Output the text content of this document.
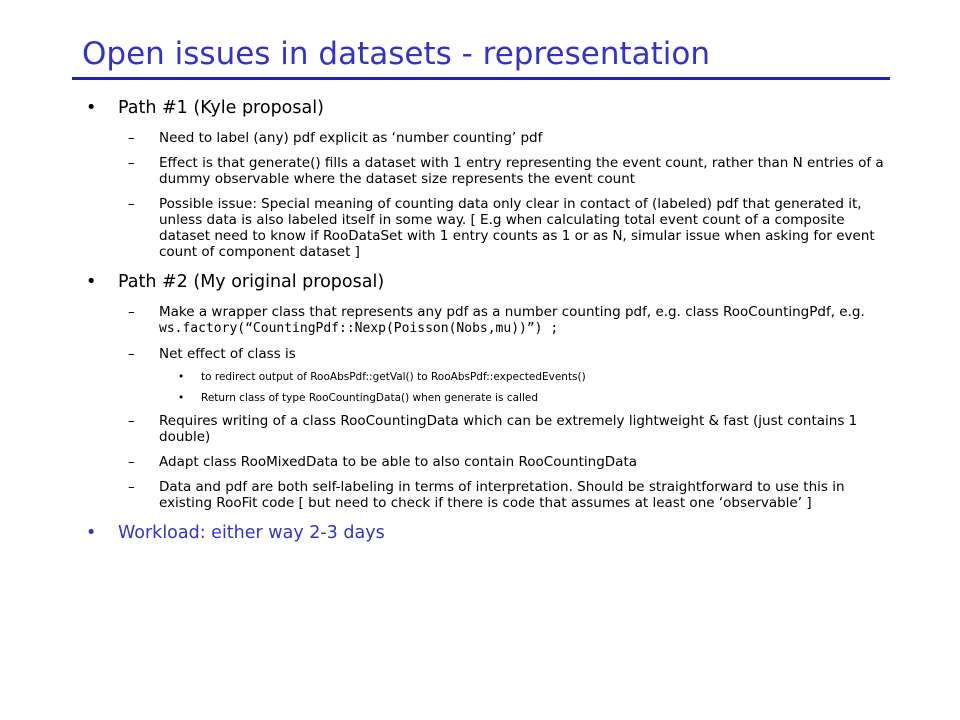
Open issues in datasets - representation
•	Path #1 (Kyle proposal)
– Need to label (any) pdf explicit as ‘number counting’ pdf
– Effect is that generate() fills a dataset with 1 entry representing the event count, rather than N entries of a dummy observable where the dataset size represents the event count
– Possible issue: Special meaning of counting data only clear in contact of (labeled) pdf that generated it, unless data is also labeled itself in some way. [ E.g when calculating total event count of a composite dataset need to know if RooDataSet with 1 entry counts as 1 or as N, simular issue when asking for event count of component dataset ]
•	Path #2 (My original proposal)
– Make a wrapper class that represents any pdf as a number counting pdf, e.g. class RooCountingPdf, e.g.
ws.factory(“CountingPdf::Nexp(Poisson(Nobs,mu))”) ;
– Net effect of class is
• to redirect output of RooAbsPdf::getVal() to RooAbsPdf::expectedEvents()
• Return class of type RooCountingData() when generate is called
– Requires writing of a class RooCountingData which can be extremely lightweight & fast (just contains 1 double)
– Adapt class RooMixedData to be able to also contain RooCountingData
– Data and pdf are both self-labeling in terms of interpretation. Should be straightforward to use this in existing RooFit code [ but need to check if there is code that assumes at least one ‘observable’ ]
•	Workload: either way 2-3 days
